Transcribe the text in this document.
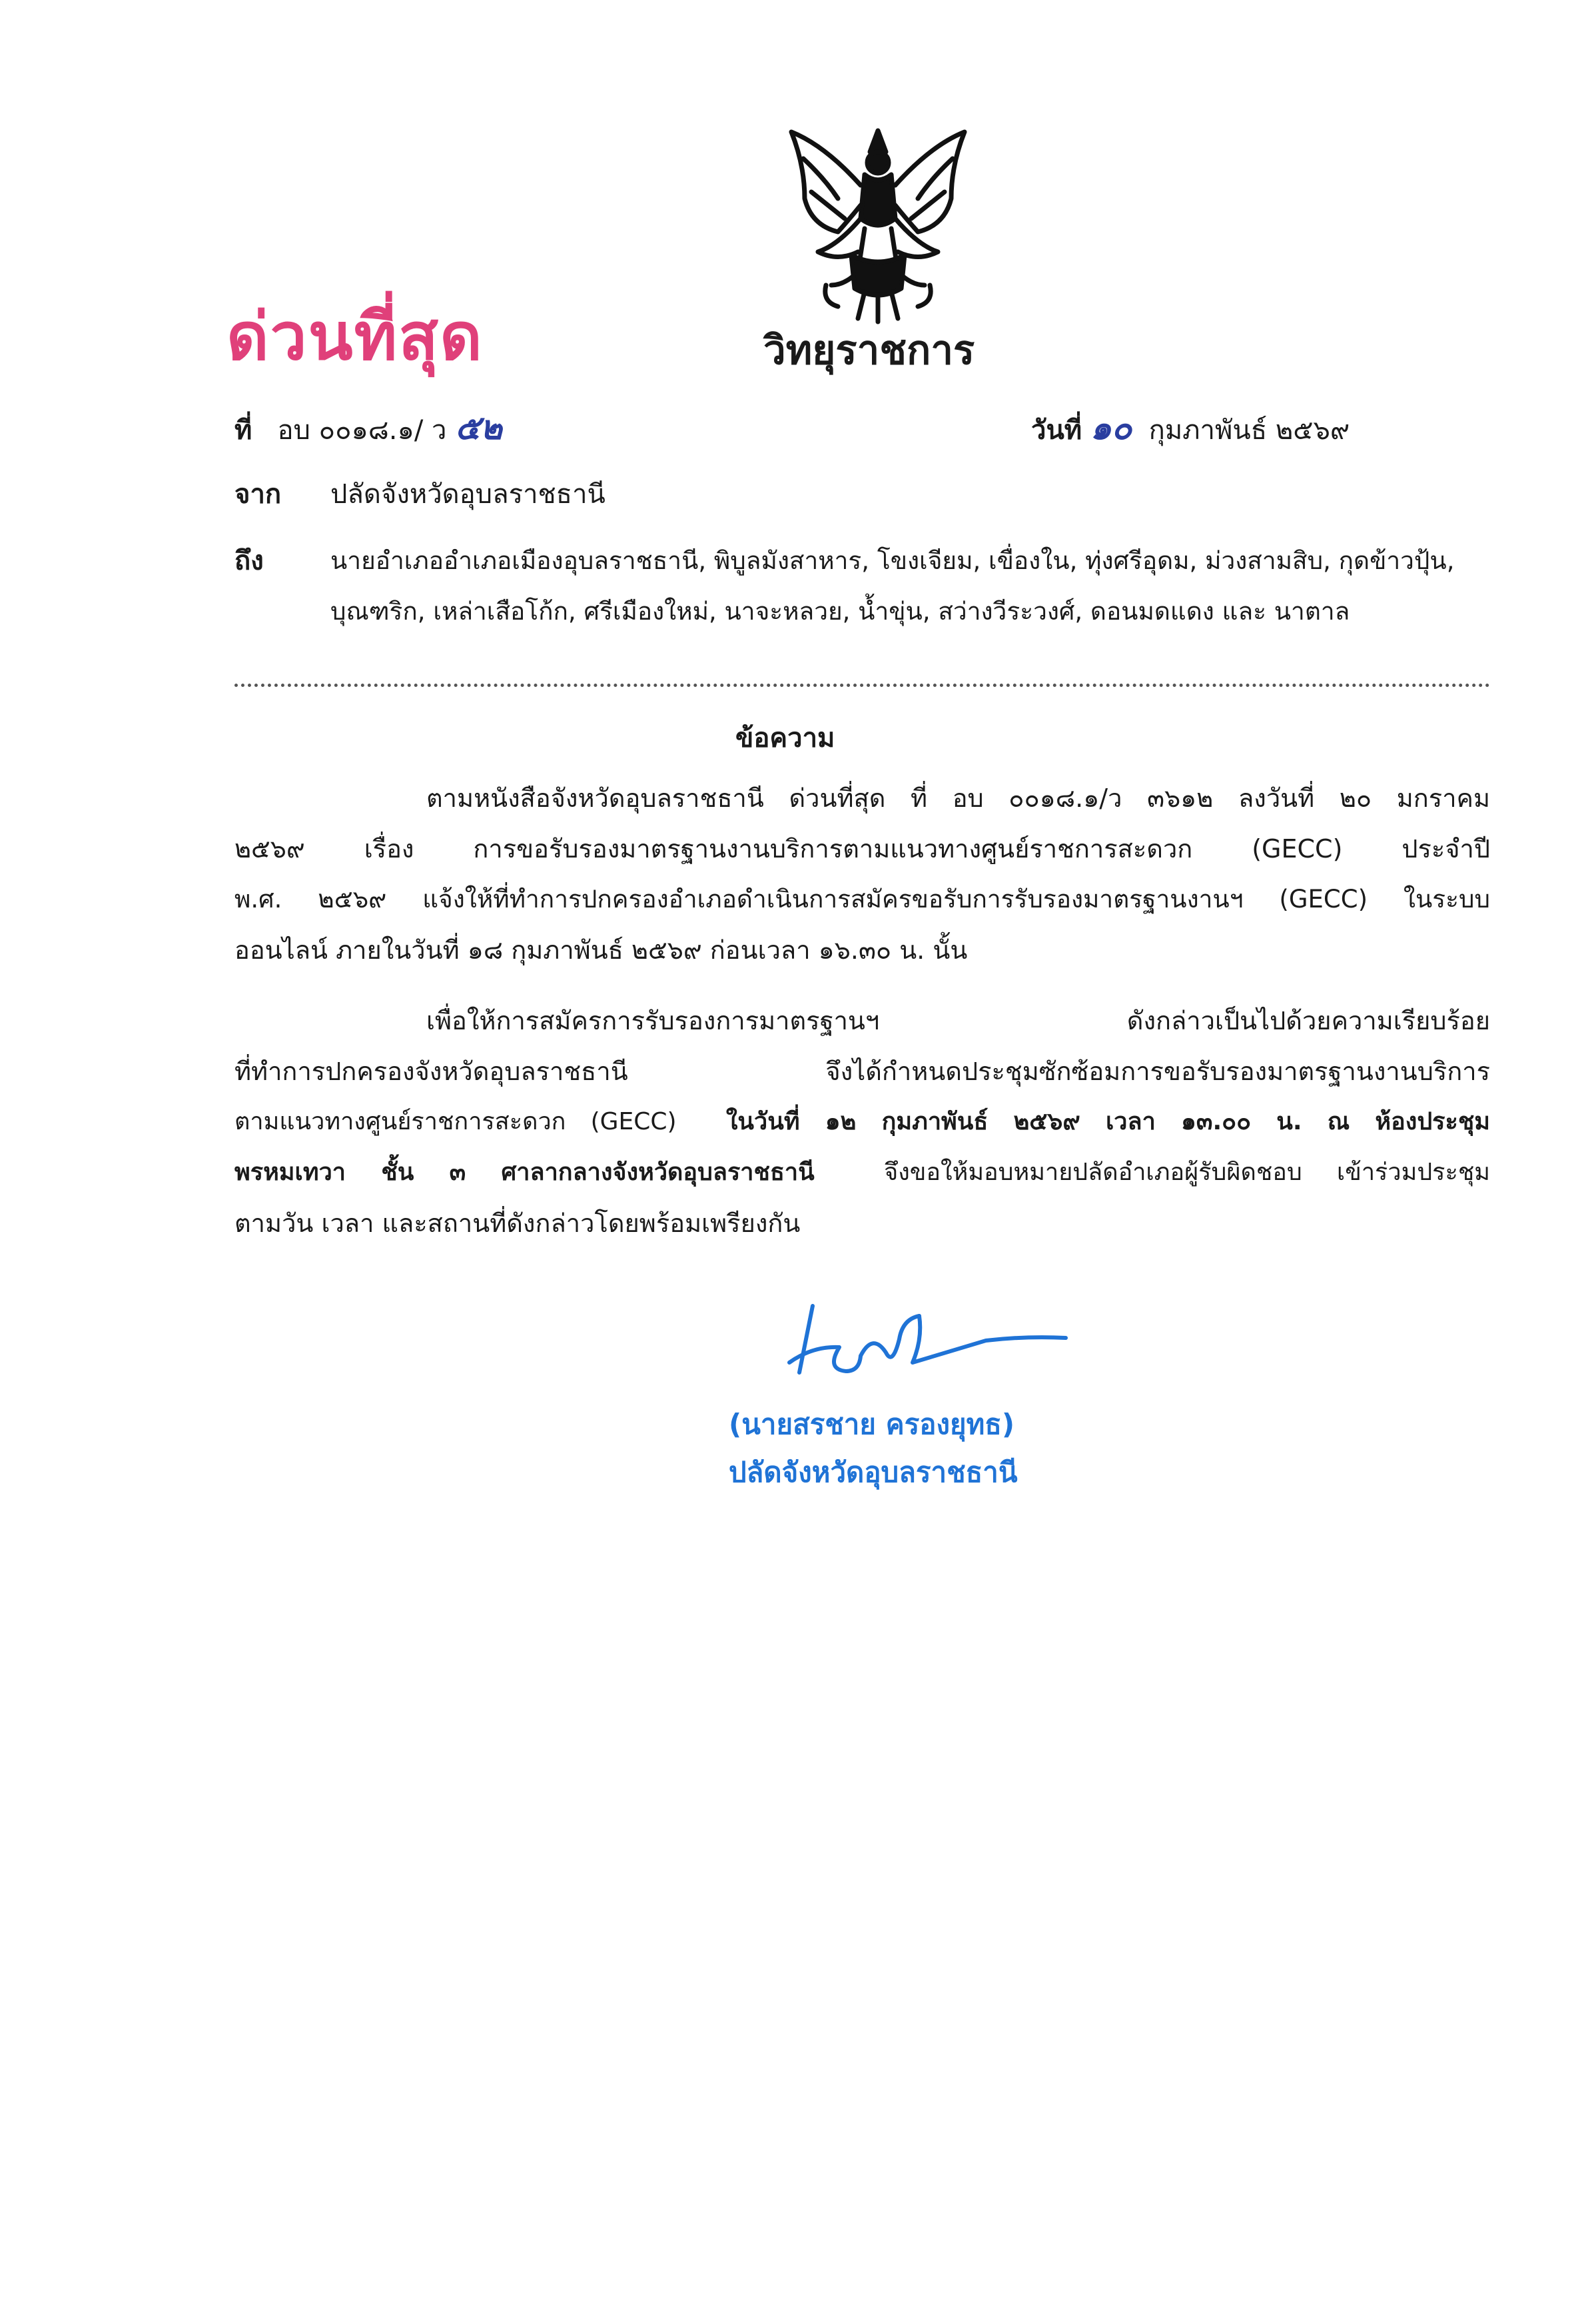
ด่วนที่สุด	วิทยุราชการ
ที่ อบ ๐๐๑๘.๑/ ว ๕๒	วันที่ ๑๐ กุมภาพันธ์ ๒๕๖๙
จาก ปลัดจังหวัดอุบลราชธานี
ถึง	นายอำเภออำเภอเมืองอุบลราชธานี, พิบูลมังสาหาร, โขงเจียม, เขื่องใน, ทุ่งศรีอุดม, ม่วงสามสิบ, กุดข้าวปุ้น,
บุณฑริก, เหล่าเสือโก้ก, ศรีเมืองใหม่, นาจะหลวย, น้ำขุ่น, สว่างวีระวงศ์, ดอนมดแดง และ นาตาล
ข้อความ
ตามหนังสือจังหวัดอุบลราชธานี ด่วนที่สุด ที่ อบ ๐๐๑๘.๑/ว ๓๖๑๒ ลงวันที่ ๒๐ มกราคม
๒๕๖๙ เรื่อง การขอรับรองมาตรฐานงานบริการตามแนวทางศูนย์ราชการสะดวก (GECC) ประจำปี
พ.ศ. ๒๕๖๙ แจ้งให้ที่ทำการปกครองอำเภอดำเนินการสมัครขอรับการรับรองมาตรฐานงานฯ (GECC) ในระบบ
ออนไลน์ ภายในวันที่ ๑๘ กุมภาพันธ์ ๒๕๖๙ ก่อนเวลา ๑๖.๓๐ น. นั้น
เพื่อให้การสมัครการรับรองการมาตรฐานฯ ดังกล่าวเป็นไปด้วยความเรียบร้อย
ที่ทำการปกครองจังหวัดอุบลราชธานี จึงได้กำหนดประชุมซักซ้อมการขอรับรองมาตรฐานงานบริการ
ตามแนวทางศูนย์ราชการสะดวก (GECC) ในวันที่ ๑๒ กุมภาพันธ์ ๒๕๖๙ เวลา ๑๓.๐๐ น. ณ ห้องประชุม
พรหมเทวา ชั้น ๓ ศาลากลางจังหวัดอุบลราชธานี	จึงขอให้มอบหมายปลัดอำเภอผู้รับผิดชอบ เข้าร่วมประชุม
ตามวัน เวลา และสถานที่ดังกล่าวโดยพร้อมเพรียงกัน
(นายสรชาย ครองยุทธ)
ปลัดจังหวัดอุบลราชธานี
